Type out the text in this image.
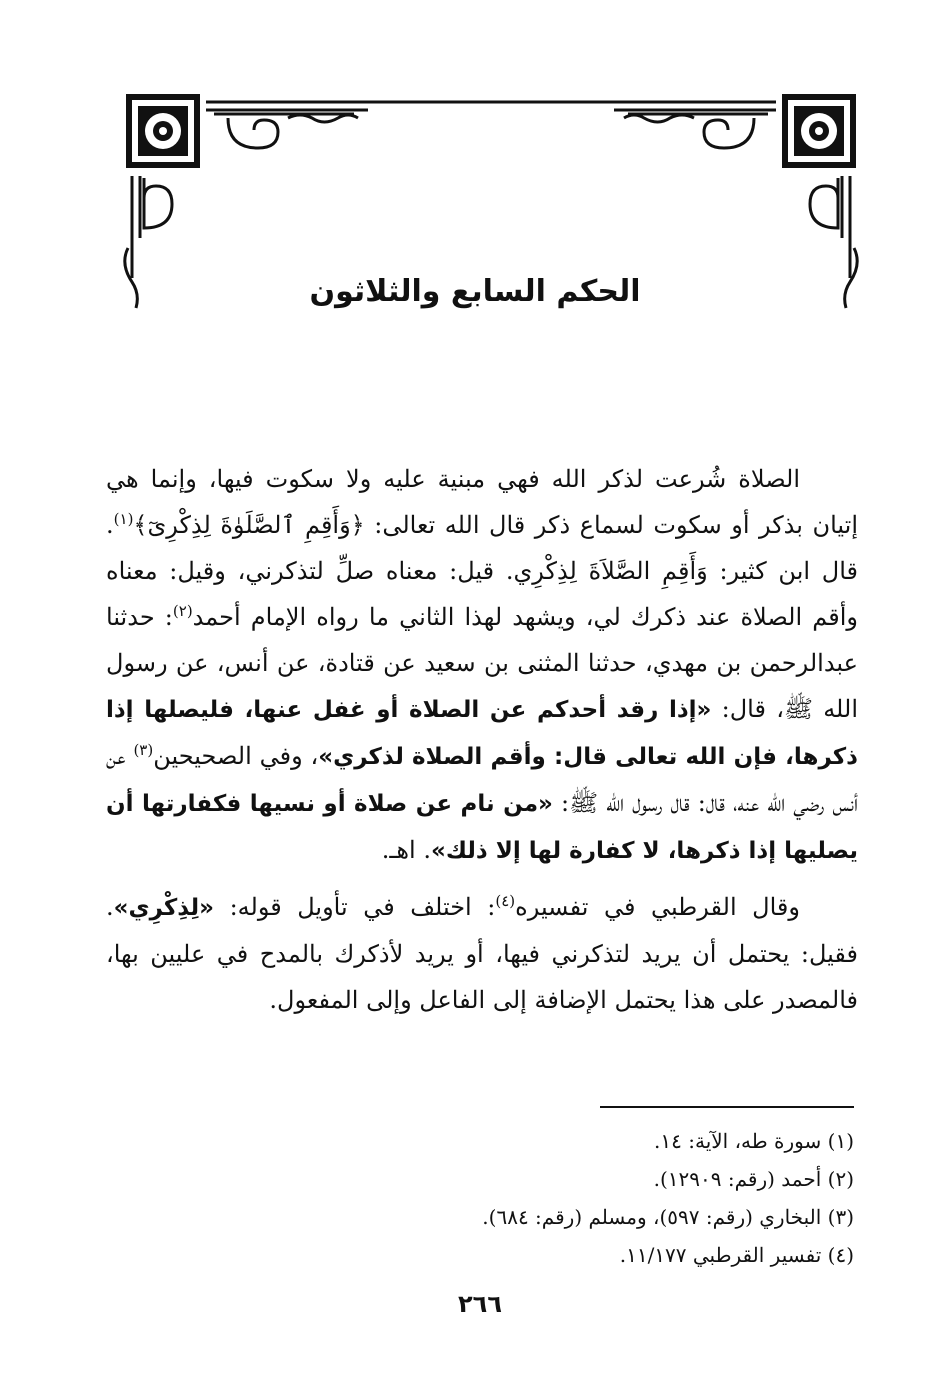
الحكم السابع والثلاثون

الصلاة شُرعت لذكر الله فهي مبنية عليه ولا سكوت فيها، وإنما هي إتيان بذكر أو سكوت لسماع ذكر قال الله تعالى: ﴿وَأَقِمِ ٱلصَّلَوٰةَ لِذِكْرِىٓ﴾$^{(١)}$. قال ابن كثير: وَأَقِمِ الصَّلاَةَ لِذِكْرِي. قيل: معناه صلِّ لتذكرني، وقيل: معناه وأقم الصلاة عند ذكرك لي، ويشهد لهذا الثاني ما رواه الإمام أحمد$^{(٢)}$: حدثنا عبدالرحمن بن مهدي، حدثنا المثنى بن سعيد عن قتادة، عن أنس، عن رسول الله ﷺ، قال: «إذا رقد أحدكم عن الصلاة أو غفل عنها، فليصلها إذا ذكرها، فإن الله تعالى قال: وأقم الصلاة لذكري»، وفي الصحيحين$^{(٣)}$ عن أنس رضي الله عنه، قال: قال رسول الله ﷺ: «من نام عن صلاة أو نسيها فكفارتها أن يصليها إذا ذكرها، لا كفارة لها إلا ذلك». اهـ.

وقال القرطبي في تفسيره$^{(٤)}$: اختلف في تأويل قوله: «لِذِكْرِي». فقيل: يحتمل أن يريد لتذكرني فيها، أو يريد لأذكرك بالمدح في عليين بها، فالمصدر على هذا يحتمل الإضافة إلى الفاعل وإلى المفعول.

(١) سورة طه، الآية: ١٤.

(٢) أحمد (رقم: ١٢٩٠٩).

(٣) البخاري (رقم: ٥٩٧)، ومسلم (رقم: ٦٨٤).

(٤) تفسير القرطبي ١١/١٧٧.

٢٦٦
